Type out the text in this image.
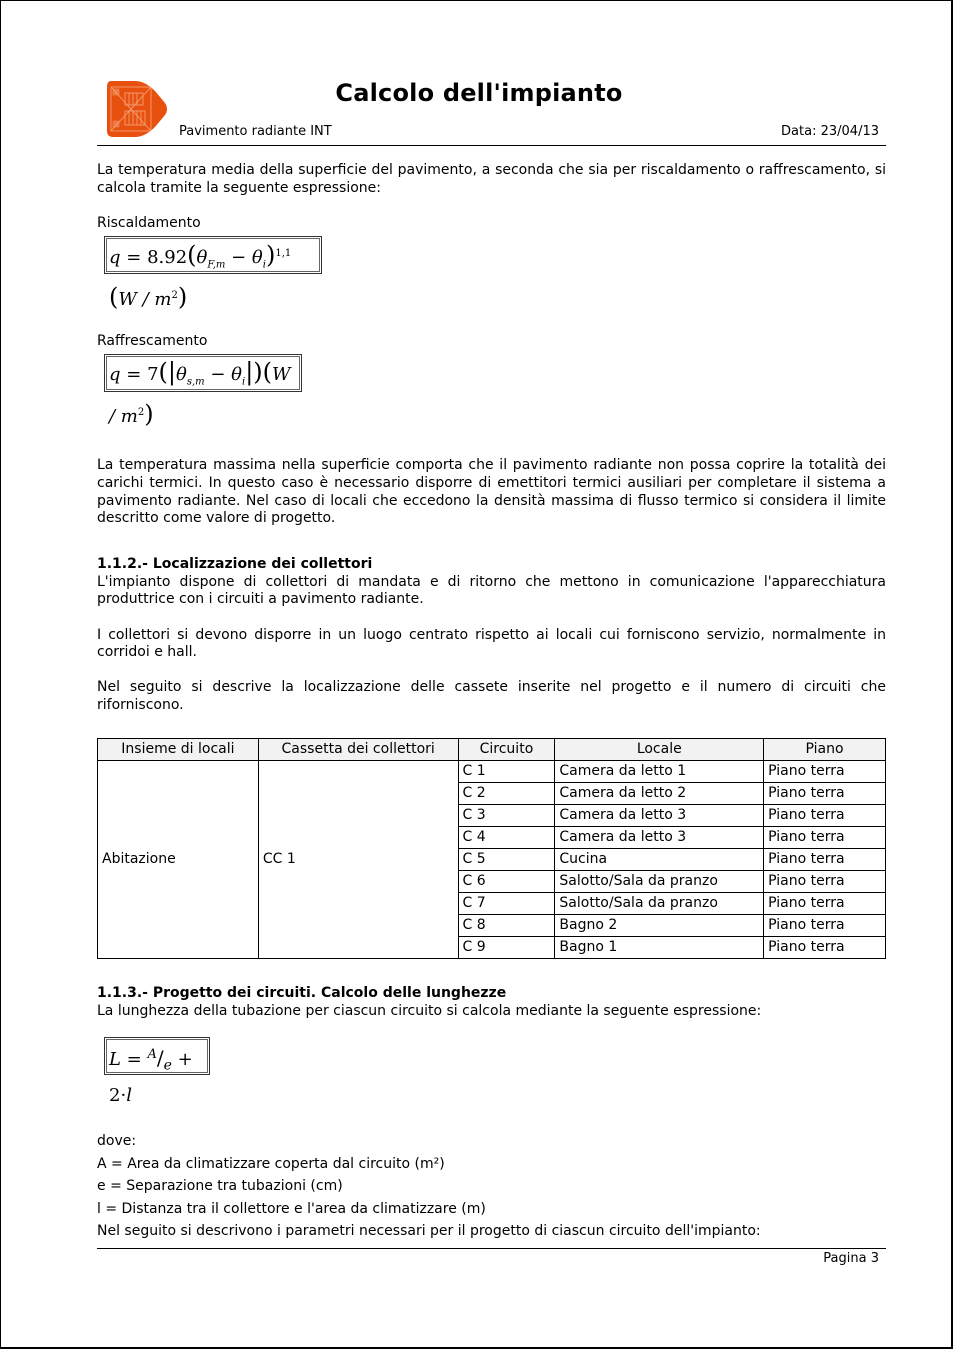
Calcolo dell'impianto
Pavimento radiante INT	Data: 23/04/13

La temperatura media della superficie del pavimento, a seconda che sia per riscaldamento o raffrescamento, si calcola tramite la seguente espressione:

Riscaldamento

$q = 8.92(\theta_{F,m} - \theta_i)^{1,1}$ $(W / m^2)$

Raffrescamento

$q = 7(|\theta_{s,m} - \theta_i|)(W / m^2)$

La temperatura massima nella superficie comporta che il pavimento radiante non possa coprire la totalità dei carichi termici. In questo caso è necessario disporre di emettitori termici ausiliari per completare il sistema a pavimento radiante. Nel caso di locali che eccedono la densità massima di flusso termico si considera il limite descritto come valore di progetto.

1.1.2.- Localizzazione dei collettori

L'impianto dispone di collettori di mandata e di ritorno che mettono in comunicazione l'apparecchiatura produttrice con i circuiti a pavimento radiante.

I collettori si devono disporre in un luogo centrato rispetto ai locali cui forniscono servizio, normalmente in corridoi e hall.

Nel seguito si descrive la localizzazione delle cassete inserite nel progetto e il numero di circuiti che riforniscono.

Insieme di locali	Cassetta dei collettori	Circuito	Locale	Piano
Abitazione	CC 1	C 1	Camera da letto 1	Piano terra
		C 2	Camera da letto 2	Piano terra
		C 3	Camera da letto 3	Piano terra
		C 4	Camera da letto 3	Piano terra
		C 5	Cucina	Piano terra
		C 6	Salotto/Sala da pranzo	Piano terra
		C 7	Salotto/Sala da pranzo	Piano terra
		C 8	Bagno 2	Piano terra
		C 9	Bagno 1	Piano terra
1.1.3.- Progetto dei circuiti. Calcolo delle lunghezze

La lunghezza della tubazione per ciascun circuito si calcola mediante la seguente espressione:

$L = ^A/_e + 2\cdot l$

dove:

A = Area da climatizzare coperta dal circuito (m²)

e = Separazione tra tubazioni (cm)

l = Distanza tra il collettore e l'area da climatizzare (m)

Nel seguito si descrivono i parametri necessari per il progetto di ciascun circuito dell'impianto:

Pagina 3
